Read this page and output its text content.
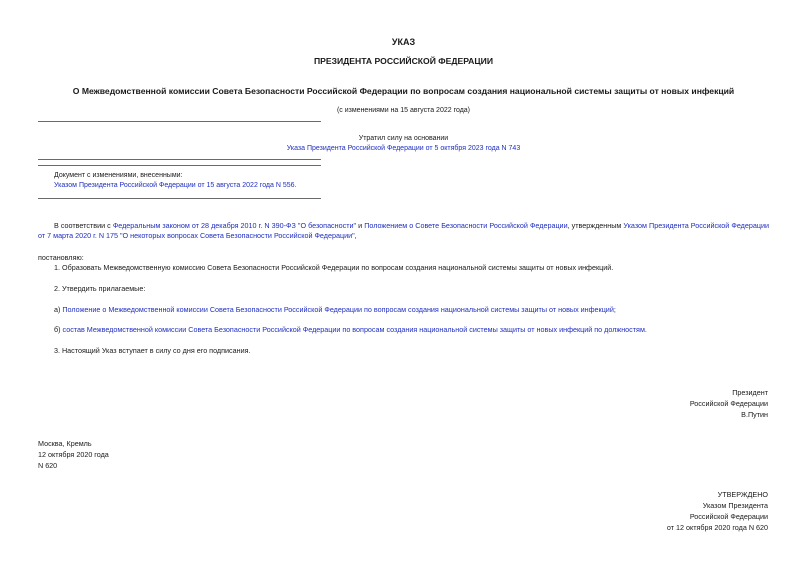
УКАЗ
ПРЕЗИДЕНТА РОССИЙСКОЙ ФЕДЕРАЦИИ
О Межведомственной комиссии Совета Безопасности Российской Федерации по вопросам создания национальной системы защиты от новых инфекций
(с изменениями на 15 августа 2022 года)
Утратил силу на основании
Указа Президента Российской Федерации от 5 октября 2023 года N 743
Документ с изменениями, внесенными:
Указом Президента Российской Федерации от 15 августа 2022 года N 556.
В соответствии с Федеральным законом от 28 декабря 2010 г. N 390-ФЗ "О безопасности" и Положением о Совете Безопасности Российской Федерации, утвержденным Указом Президента Российской Федерации от 7 марта 2020 г. N 175 "О некоторых вопросах Совета Безопасности Российской Федерации",
постановляю:
1. Образовать Межведомственную комиссию Совета Безопасности Российской Федерации по вопросам создания национальной системы защиты от новых инфекций.
2. Утвердить прилагаемые:
а) Положение о Межведомственной комиссии Совета Безопасности Российской Федерации по вопросам создания национальной системы защиты от новых инфекций;
б) состав Межведомственной комиссии Совета Безопасности Российской Федерации по вопросам создания национальной системы защиты от новых инфекций по должностям.
3. Настоящий Указ вступает в силу со дня его подписания.
Президент
Российской Федерации
В.Путин
Москва, Кремль
12 октября 2020 года
N 620
УТВЕРЖДЕНО
Указом Президента
Российской Федерации
от 12 октября 2020 года N 620
